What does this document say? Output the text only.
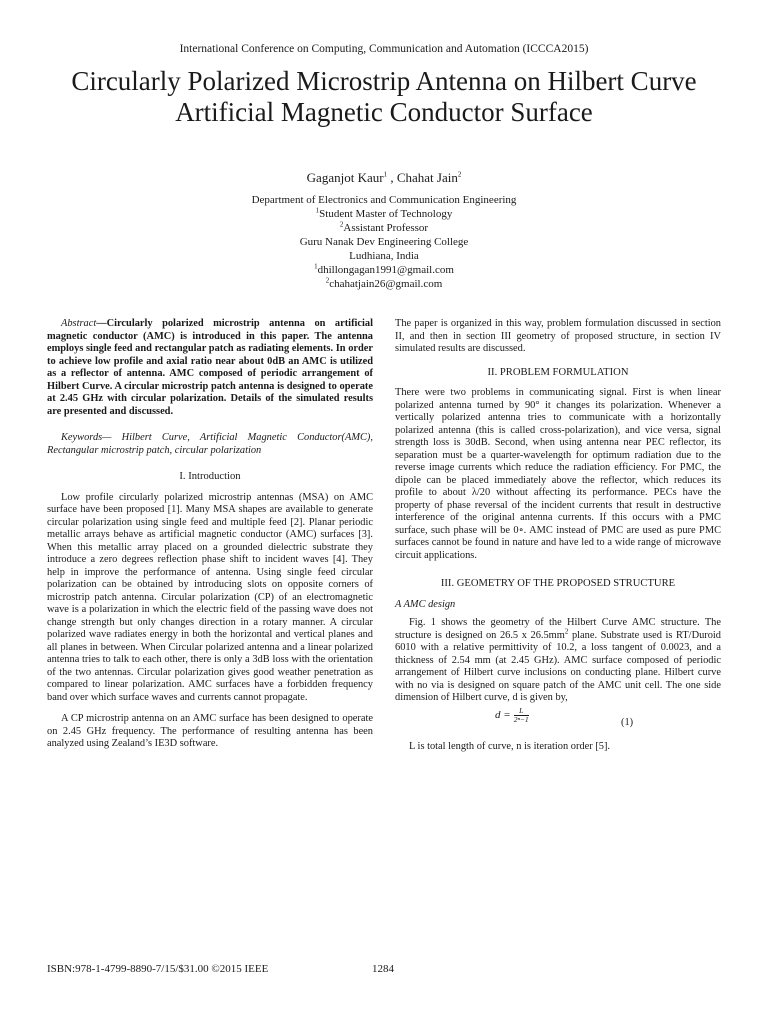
International Conference on Computing, Communication and Automation (ICCCA2015)
Circularly Polarized Microstrip Antenna on Hilbert Curve Artificial Magnetic Conductor Surface
Gaganjot Kaur$^1$ , Chahat Jain$^2$
Department of Electronics and Communication Engineering
$^1$Student Master of Technology
$^2$Assistant Professor
Guru Nanak Dev Engineering College
Ludhiana, India
$^1$dhillongagan1991@gmail.com
$^2$chahatjain26@gmail.com

Abstract—Circularly polarized microstrip antenna on artificial magnetic conductor (AMC) is introduced in this paper. The antenna employs single feed and rectangular patch as radiating elements. In order to achieve low profile and axial ratio near about 0dB an AMC is utilized as a reflector of antenna. AMC composed of periodic arrangement of Hilbert Curve. A circular microstrip patch antenna is designed to operate at 2.45 GHz with circular polarization. Details of the simulated results are presented and discussed.

Keywords— Hilbert Curve, Artificial Magnetic Conductor(AMC), Rectangular microstrip patch, circular polarization

I. Introduction

Low profile circularly polarized microstrip antennas (MSA) on AMC surface have been proposed [1]. Many MSA shapes are available to generate circular polarization using single feed and multiple feed [2]. Planar periodic metallic arrays behave as artificial magnetic conductor (AMC) surfaces [3]. When this metallic array placed on a grounded dielectric substrate they introduce a zero degrees reflection phase shift to incident waves [4]. They help in improve the performance of antenna. Using single feed circular polarization can be obtained by introducing slots on opposite corners of microstrip patch antenna. Circular polarization (CP) of an electromagnetic wave is a polarization in which the electric field of the passing wave does not change strength but only changes direction in a rotary manner. A circular polarized wave radiates energy in both the horizontal and vertical planes and all planes in between. When Circular polarized antenna and a linear polarized antenna tries to talk to each other, there is only a 3dB loss with the orientation of the two antennas. Circular polarization gives good weather penetration as compared to linear polarization. AMC surfaces have a forbidden frequency band over which surface waves and currents cannot propagate.

A CP microstrip antenna on an AMC surface has been designed to operate on 2.45 GHz frequency. The performance of resulting antenna has been analyzed using Zealand’s IE3D software.

The paper is organized in this way, problem formulation discussed in section II, and then in section III geometry of proposed structure, in section IV simulated results are discussed.

II. PROBLEM FORMULATION

There were two problems in communicating signal. First is when linear polarized antenna turned by 90° it changes its polarization. Whenever a vertically polarized antenna tries to communicate with a horizontally polarized antenna (this is called cross-polarization), and vice versa, signal strength loss is 30dB. Second, when using antenna near PEC reflector, its separation must be a quarter-wavelength for optimum radiation due to the reverse image currents which reduce the radiation efficiency. For PMC, the dipole can be placed immediately above the reflector, which reduces its profile to about λ/20 without affecting its performance. PECs have the property of phase reversal of the incident currents that result in destructive interference of the original antenna currents. If this occurs with a PMC surface, such phase will be 0∘. AMC instead of PMC are used as pure PMC surfaces cannot be found in nature and have led to a wide range of microwave circuit applications.

III. GEOMETRY OF THE PROPOSED STRUCTURE
A AMC design

Fig. 1 shows the geometry of the Hilbert Curve AMC structure. The structure is designed on 26.5 x $26.5mm^2$ plane. Substrate used is RT/Duroid 6010 with a relative permittivity of 10.2, a loss tangent of 0.0023, and a thickness of 2.54 mm (at 2.45 GHz). AMC surface composed of periodic arrangement of Hilbert curve inclusions on conducting plane. Hilbert curve with no via is designed on square patch of the AMC unit cell. The one side dimension of Hilbert curve, d is given by,

$d = \frac{L}{\text{2ⁿ−1}}$	(1)

L is total length of curve, n is iteration order [5].

ISBN:978-1-4799-8890-7/15/$31.00 ©2015 IEEE	1284
